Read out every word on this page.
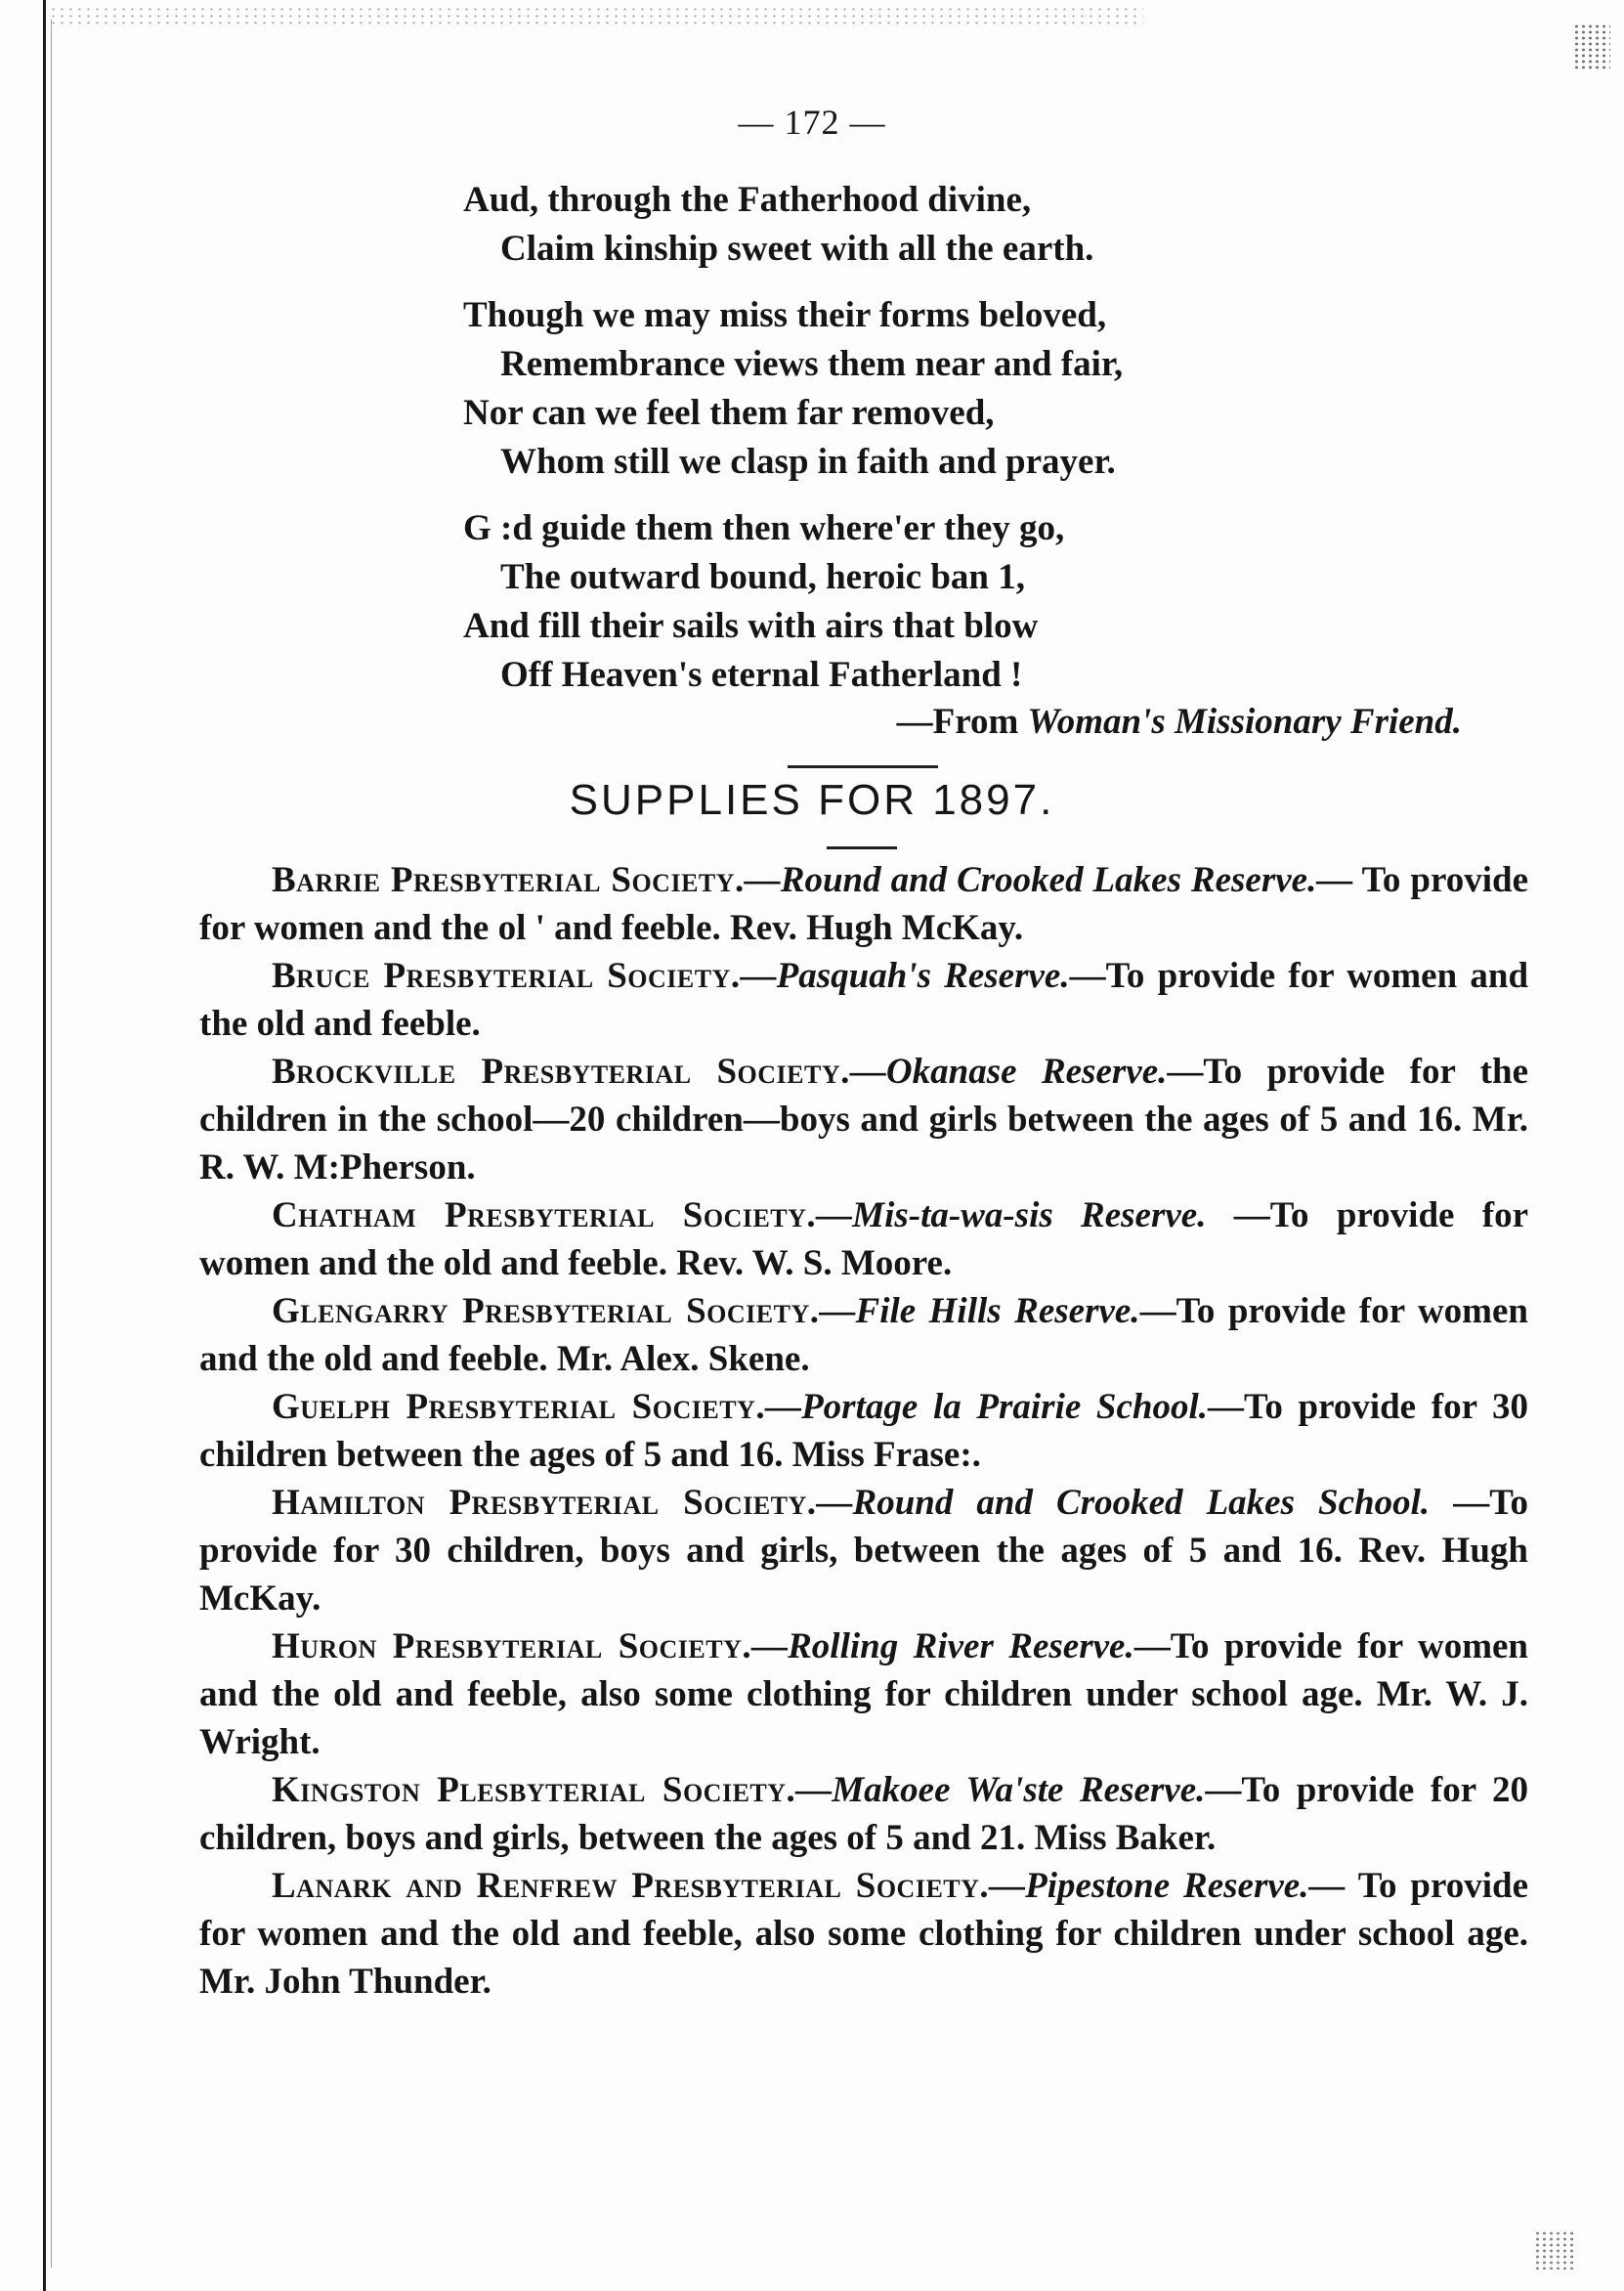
— 172 —
Aud, through the Fatherhood divine,
Claim kinship sweet with all the earth.
Though we may miss their forms beloved,
Remembrance views them near and fair,
Nor can we feel them far removed,
Whom still we clasp in faith and prayer.
G :d guide them then where'er they go,
The outward bound, heroic ban 1,
And fill their sails with airs that blow
Off Heaven's eternal Fatherland !
—From Woman's Missionary Friend.
SUPPLIES FOR 1897.

Barrie Presbyterial Society.—Round and Crooked Lakes Reserve.— To provide for women and the ol ' and feeble. Rev. Hugh McKay.

Bruce Presbyterial Society.—Pasquah's Reserve.—To provide for women and the old and feeble.

Brockville Presbyterial Society.—Okanase Reserve.—To provide for the children in the school—20 children—boys and girls between the ages of 5 and 16. Mr. R. W. M:Pherson.

Chatham Presbyterial Society.—Mis-ta-wa-sis Reserve. —To provide for women and the old and feeble. Rev. W. S. Moore.

Glengarry Presbyterial Society.—File Hills Reserve.—To provide for women and the old and feeble. Mr. Alex. Skene.

Guelph Presbyterial Society.—Portage la Prairie School.—To provide for 30 children between the ages of 5 and 16. Miss Frase:.

Hamilton Presbyterial Society.—Round and Crooked Lakes School. —To provide for 30 children, boys and girls, between the ages of 5 and 16. Rev. Hugh McKay.

Huron Presbyterial Society.—Rolling River Reserve.—To provide for women and the old and feeble, also some clothing for children under school age. Mr. W. J. Wright.

Kingston Plesbyterial Society.—Makoee Wa'ste Reserve.—To provide for 20 children, boys and girls, between the ages of 5 and 21. Miss Baker.

Lanark and Renfrew Presbyterial Society.—Pipestone Reserve.— To provide for women and the old and feeble, also some clothing for children under school age. Mr. John Thunder.
